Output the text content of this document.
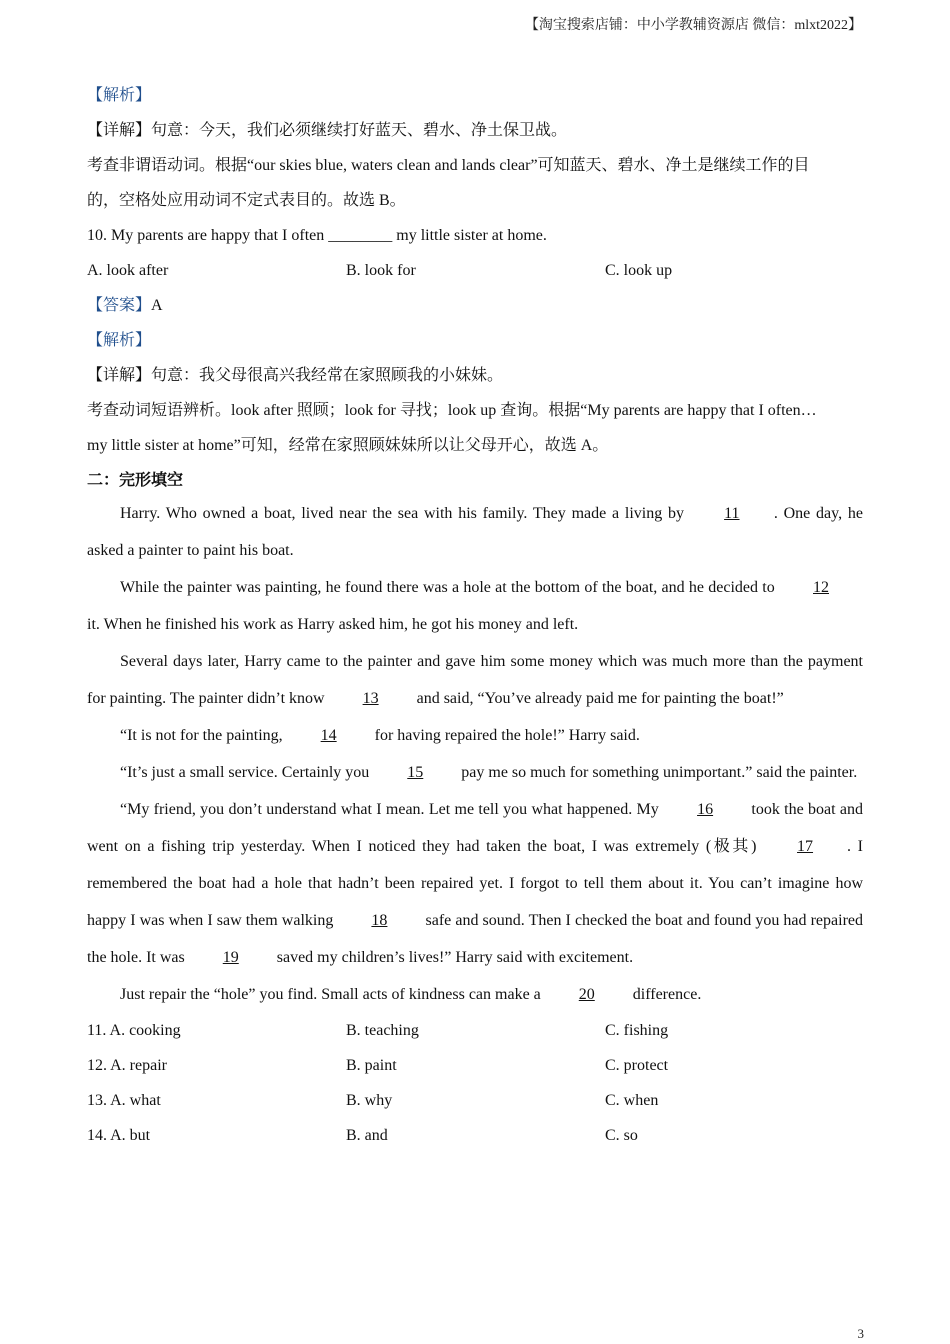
【淘宝搜索店铺：中小学教辅资源店 微信：mlxt2022】

【解析】

【详解】句意：今天，我们必须继续打好蓝天、碧水、净土保卫战。

考查非谓语动词。根据“our skies blue, waters clean and lands clear”可知蓝天、碧水、净土是继续工作的目

的，空格处应用动词不定式表目的。故选 B。

10. My parents are happy that I often ________ my little sister at home.

A. look after	B. look for	C. look up

【答案】A

【解析】

【详解】句意：我父母很高兴我经常在家照顾我的小妹妹。

考查动词短语辨析。look after 照顾；look for 寻找；look up 查询。根据“My parents are happy that I often…

my little sister at home”可知，经常在家照顾妹妹所以让父母开心，故选 A。

二：完形填空

Harry. Who owned a boat, lived near the sea with his family. They made a living by 11 . One day, he asked a painter to paint his boat.

While the painter was painting, he found there was a hole at the bottom of the boat, and he decided to 12 it. When he finished his work as Harry asked him, he got his money and left.

Several days later, Harry came to the painter and gave him some money which was much more than the payment for painting. The painter didn’t know 13 and said, “You’ve already paid me for painting the boat!”

“It is not for the painting, 14 for having repaired the hole!” Harry said.

“It’s just a small service. Certainly you 15 pay me so much for something unimportant.” said the painter.

“My friend, you don’t understand what I mean. Let me tell you what happened. My 16 took the boat and went on a fishing trip yesterday. When I noticed they had taken the boat, I was extremely (极其) 17 . I remembered the boat had a hole that hadn’t been repaired yet. I forgot to tell them about it. You can’t imagine how happy I was when I saw them walking 18 safe and sound. Then I checked the boat and found you had repaired the hole. It was 19 saved my children’s lives!” Harry said with excitement.

Just repair the “hole” you find. Small acts of kindness can make a 20 difference.

11. A. cooking	B. teaching	C. fishing
12. A. repair	B. paint	C. protect
13. A. what	B. why	C. when
14. A. but	B. and	C. so
3
